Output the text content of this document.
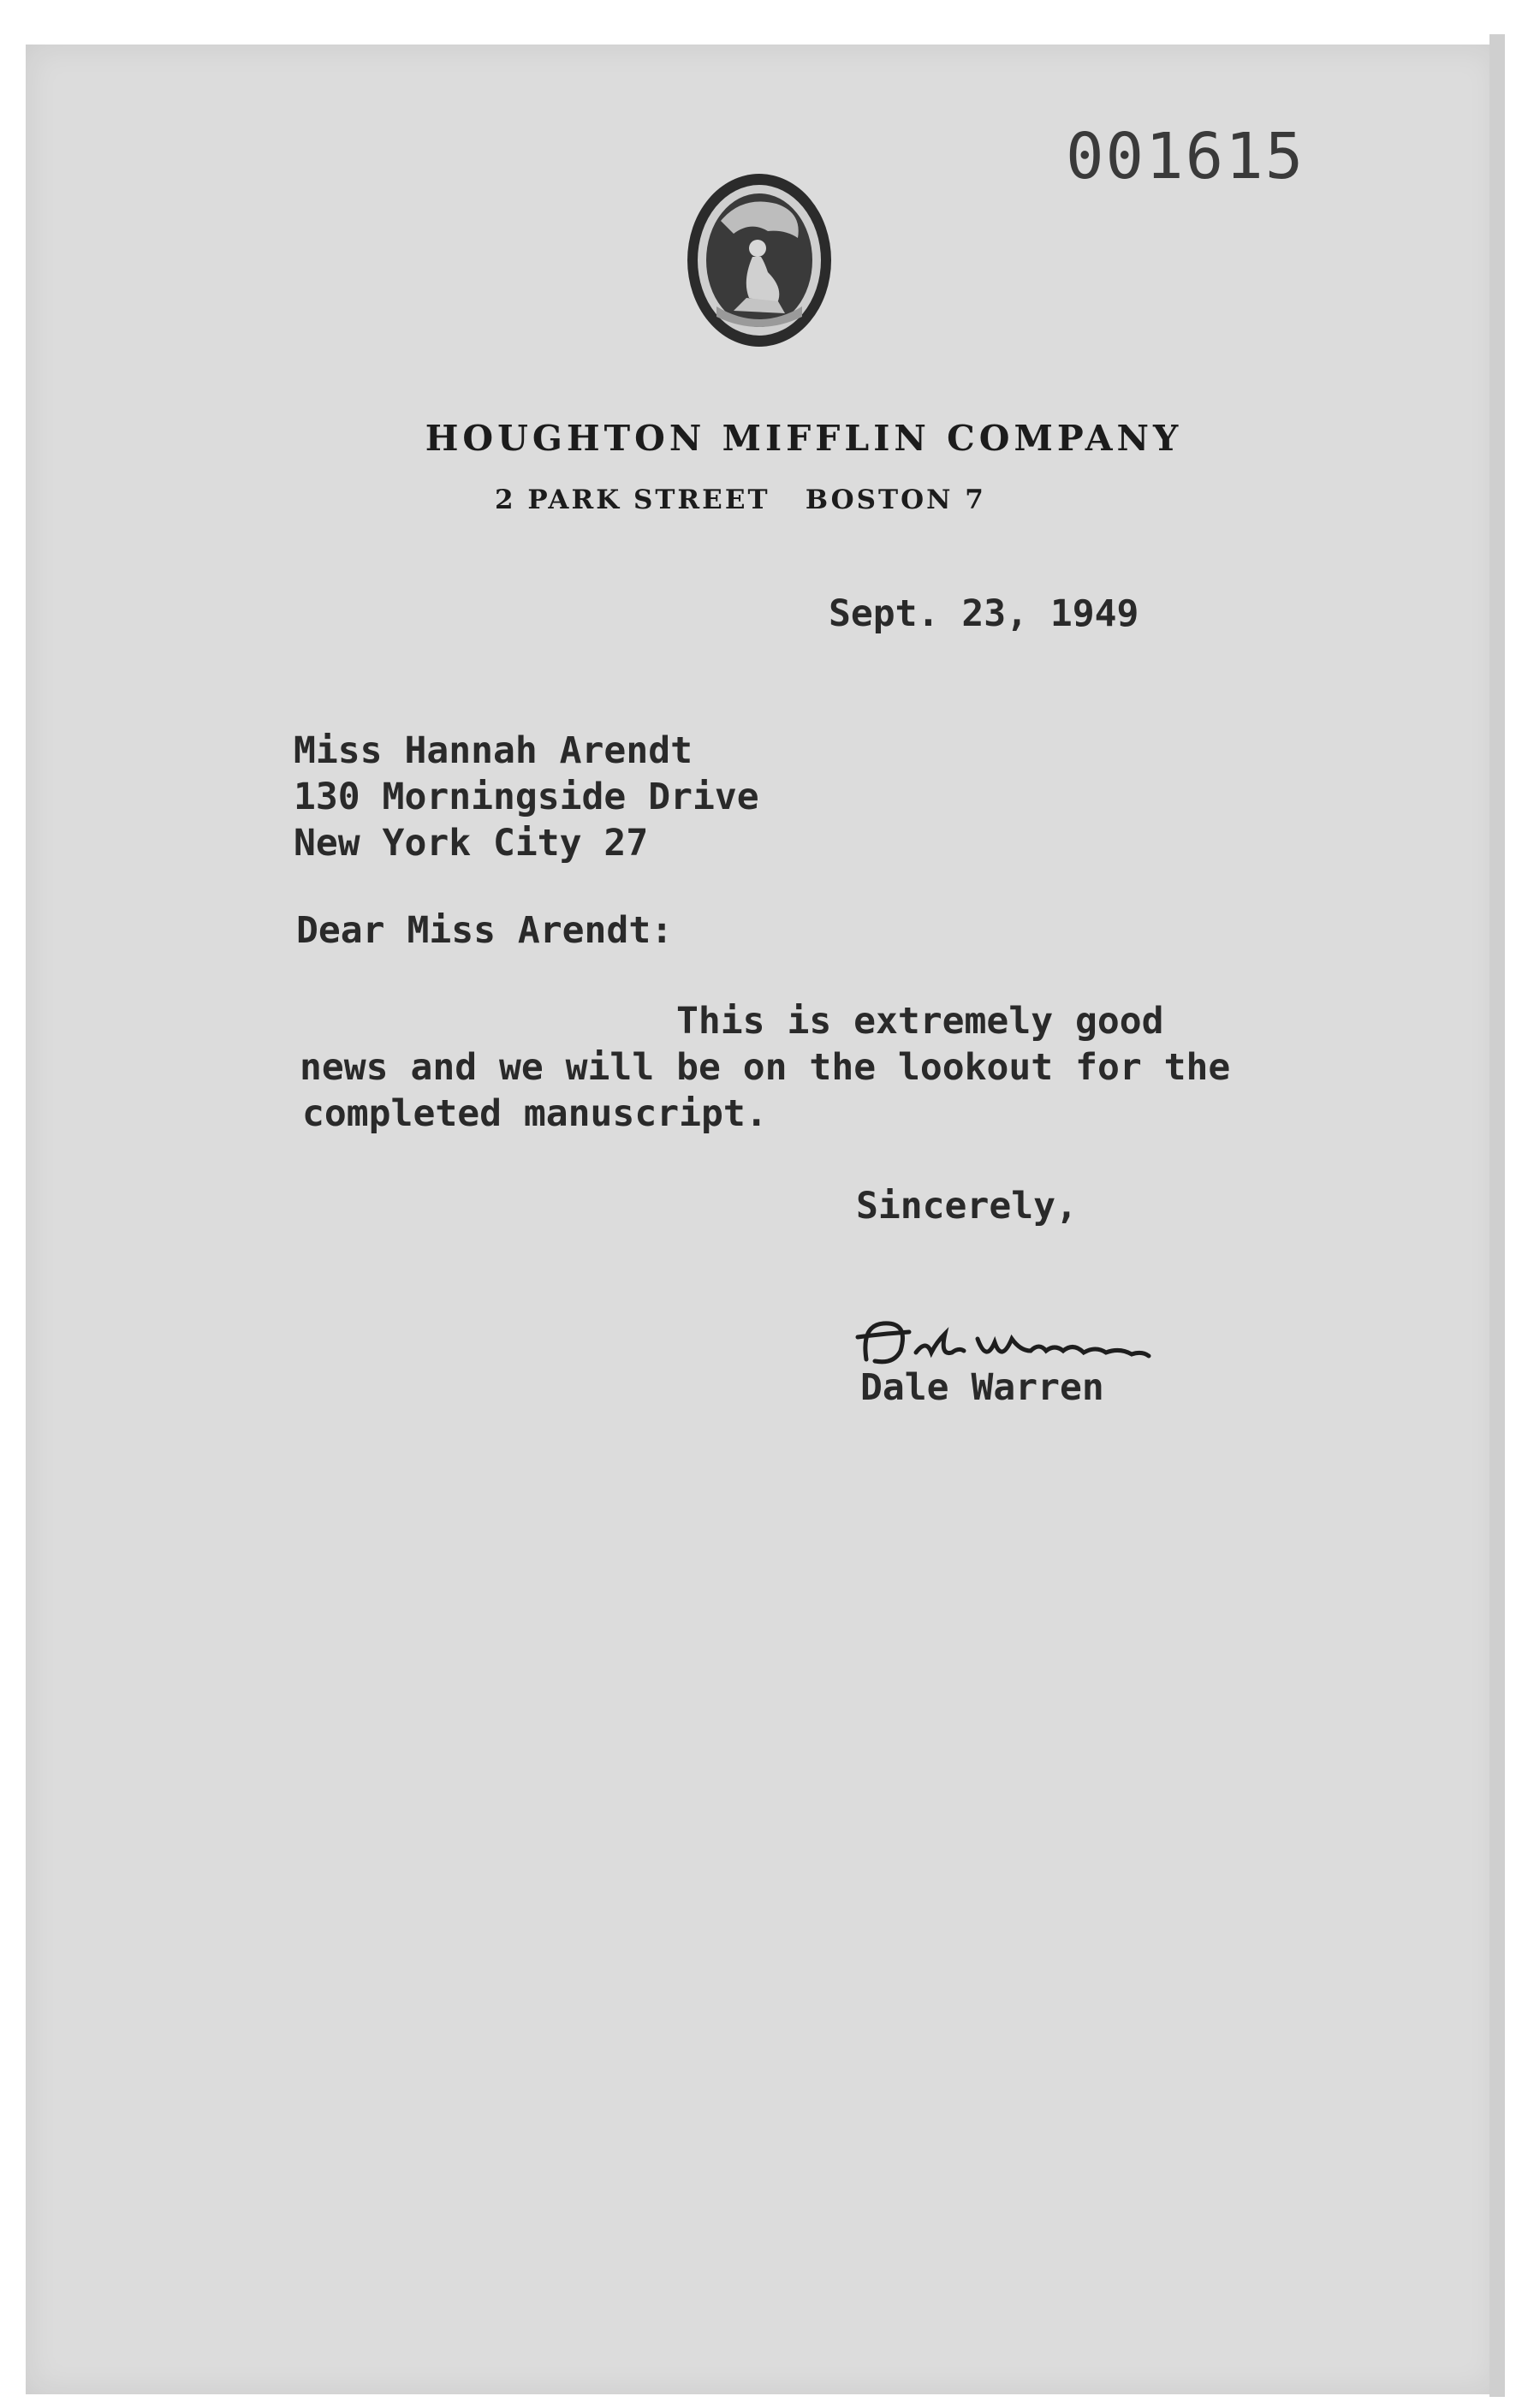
001615
HOUGHTON MIFFLIN COMPANY
2 PARK STREET   BOSTON 7
Sept. 23, 1949
Miss Hannah Arendt
130 Morningside Drive
New York City 27
Dear Miss Arendt:
This is extremely good
news and we will be on the lookout for the
completed manuscript.
Sincerely,
Dale Warren
